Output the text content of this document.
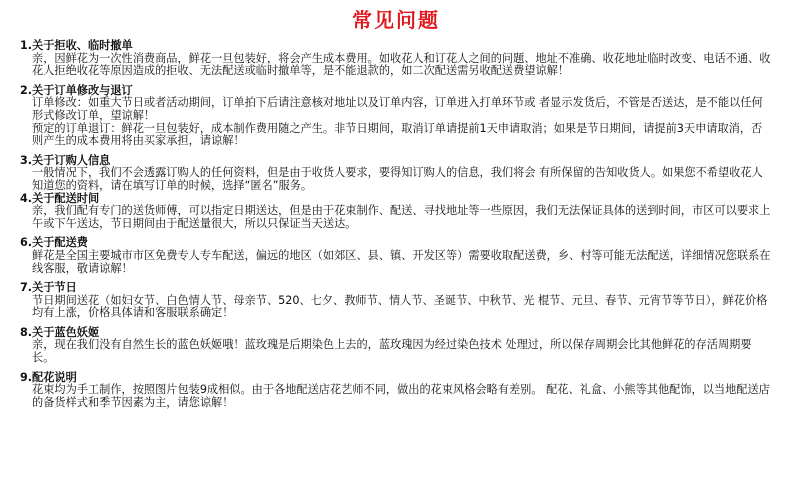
常见问题
1.关于拒收、临时撤单
亲，因鲜花为一次性消费商品，鲜花一旦包装好，将会产生成本费用。如收花人和订花人之间的问题、地址不准确、收花地址临时改变、电话不通、收花人拒绝收花等原因造成的拒收、无法配送或临时撤单等，是不能退款的，如二次配送需另收配送费望谅解！
2.关于订单修改与退订
订单修改：如重大节日或者活动期间，订单拍下后请注意核对地址以及订单内容，订单进入打单环节或 者显示发货后，不管是否送达，是不能以任何形式修改订单，望谅解！
预定的订单退订：鲜花一旦包装好，成本制作费用随之产生。非节日期间，取消订单请提前1天申请取消；如果是节日期间，请提前3天申请取消，否则产生的成本费用将由买家承担，请谅解！
3.关于订购人信息
一般情况下，我们不会透露订购人的任何资料，但是由于收货人要求，要得知订购人的信息，我们将会 有所保留的告知收货人。如果您不希望收花人知道您的资料，请在填写订单的时候，选择“匿名”服务。
4.关于配送时间
亲，我们配有专门的送货师傅，可以指定日期送达，但是由于花束制作、配送、寻找地址等一些原因，我们无法保证具体的送到时间，市区可以要求上午或下午送达，节日期间由于配送量很大，所以只保证当天送达。
6.关于配送费
鲜花是全国主要城市市区免费专人专车配送，偏远的地区（如郊区、县、镇、开发区等）需要收取配送费，乡、村等可能无法配送，详细情况您联系在线客服，敬请谅解！
7.关于节日
节日期间送花（如妇女节、白色情人节、母亲节、520、七夕、教师节、情人节、圣诞节、中秋节、光 棍节、元旦、春节、元宵节等节日），鲜花价格均有上涨，价格具体请和客服联系确定！
8.关于蓝色妖姬
亲，现在我们没有自然生长的蓝色妖姬哦！蓝玫瑰是后期染色上去的，蓝玫瑰因为经过染色技术 处理过，所以保存周期会比其他鲜花的存活周期要长。
9.配花说明
花束均为手工制作，按照图片包装9成相似。由于各地配送店花艺师不同，做出的花束风格会略有差别。 配花、礼盒、小熊等其他配饰，以当地配送店的备货样式和季节因素为主，请您谅解！
